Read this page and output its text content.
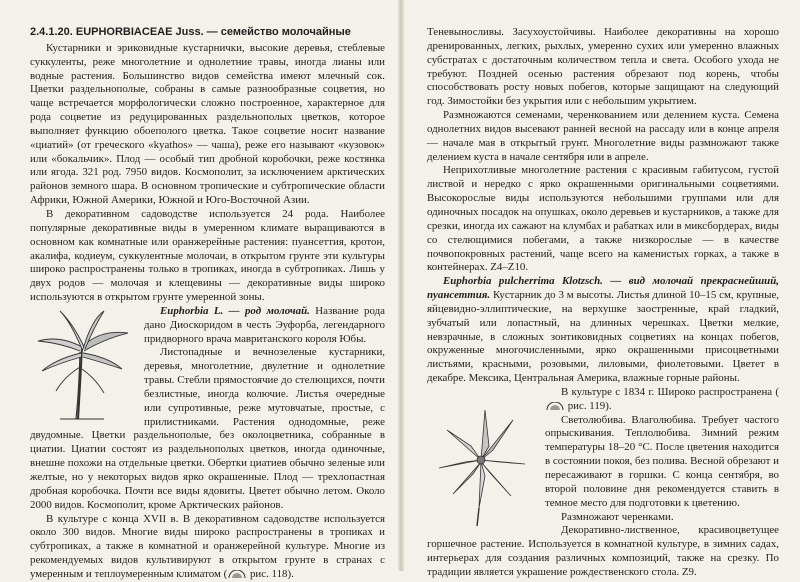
2.4.1.20. EUPHORBIACEAE Juss. — семейство молочайные

Кустарники и эриковидные кустарнички, высокие деревья, стеблевые суккуленты, реже многолетние и однолетние травы, иногда лианы или водные растения. Большинство видов семейства имеют млечный сок. Цветки раздельнополые, собраны в самые разнообразные соцветия, но чаще встречается морфологически сложно построенное, характерное для рода соцветие из редуцированных раздельнополых цветков, которое выполняет функцию обоеполого цветка. Такое соцветие носит название «циатий» (от греческого «kyathos» — чаша), реже его называют «кузовок» или «бокальчик». Плод — особый тип дробной коробочки, реже костянка или ягода. 321 род. 7950 видов. Космополит, за исключением арктических районов земного шара. В основном тропические и субтропические области Африки, Южной Америки, Южной и Юго-Восточной Азии.

В декоративном садоводстве используется 24 рода. Наиболее популярные декоративные виды в умеренном климате выращиваются в основном как комнатные или оранжерейные растения: пуансеттия, кротон, акалифа, кодиеум, суккулентные молочаи, в открытом грунте эти культуры широко распространены только в тропиках, иногда в субтропиках. Лишь у двух родов — молочая и клещевины — декоративные виды широко используются в открытом грунте умеренной зоны.

Euphorbia L. — род молочай. Название рода дано Диоскоридом в честь Эуфорба, легендарного придворного врача мавританского короля Юбы.

Листопадные и вечнозеленые кустарники, деревья, многолетние, двулетние и однолетние травы. Стебли прямостоячие до стелющихся, почти безлистные, иногда колючие. Листья очередные или супротивные, реже мутовчатые, простые, с прилистниками. Растения однодомные, реже двудомные. Цветки раздельнополые, без околоцветника, собранные в циатии. Циатии состоят из раздельнополых цветков, иногда одиночные, внешне похожи на отдельные цветки. Обертки циатиев обычно зеленые или желтые, но у некоторых видов ярко окрашенные. Плод — трехлопастная дробная коробочка. Почти все виды ядовиты. Цветет обычно летом. Около 2000 видов. Космополит, кроме Арктических районов.

В культуре с конца XVII в. В декоративном садоводстве используется около 300 видов. Многие виды широко распространены в тропиках и субтропиках, а также в комнатной и оранжерейной культуре. Многие из рекомендуемых видов культивируют в открытом грунте в странах с умеренным и теплоумеренным климатом ( рис. 118).

Теневыносливы. Засухоустойчивы. Наиболее декоративны на хорошо дренированных, легких, рыхлых, умеренно сухих или умеренно влажных субстратах с достаточным количеством тепла и света. Особого ухода не требуют. Поздней осенью растения обрезают под корень, чтобы способствовать росту новых побегов, которые защищают на следующий год. Зимостойки без укрытия или с небольшим укрытием.

Размножаются семенами, черенкованием или делением куста. Семена однолетних видов высевают ранней весной на рассаду или в конце апреля — начале мая в открытый грунт. Многолетние виды размножают также делением куста в начале сентября или в апреле.

Неприхотливые многолетние растения с красивым габитусом, густой листвой и нередко с ярко окрашенными оригинальными соцветиями. Высокорослые виды используются небольшими группами или для одиночных посадок на опушках, около деревьев и кустарников, а также для срезки, иногда их сажают на клумбах и рабатках или в миксбордерах, виды со стелющимися побегами, а также низкорослые — в качестве почвопокровных растений, чаще всего на каменистых горках, а также в контейнерах. Z4–Z10.

Euphorbia pulcherrima Klotzsch. — вид молочай прекраснейший, пуансеттия. Кустарник до 3 м высоты. Листья длиной 10–15 см, крупные, яйцевидно-эллиптические, на верхушке заостренные, край гладкий, зубчатый или лопастный, на длинных черешках. Цветки мелкие, невзрачные, в сложных зонтиковидных соцветиях на концах побегов, окруженные многочисленными, ярко окрашенными присоцветными листьями, красными, розовыми, лиловыми, фиолетовыми. Цветет в декабре. Мексика, Центральная Америка, влажные горные районы.

В культуре с 1834 г. Широко распространена ( рис. 119).

Светолюбива. Влаголюбива. Требует частого опрыскивания. Теплолюбива. Зимний режим температуры 18–20 °С. После цветения находится в состоянии покоя, без полива. Весной обрезают и пересаживают в горшки. С конца сентября, во второй половине дня рекомендуется ставить в темное место для подготовки к цветению.

Размножают черенками.

Декоративно-лиственное, красивоцветущее горшечное растение. Используется в комнатной культуре, в зимних садах, интерьерах для создания различных композиций, также на срезку. По традиции является украшение рождественского стола. Z9.
